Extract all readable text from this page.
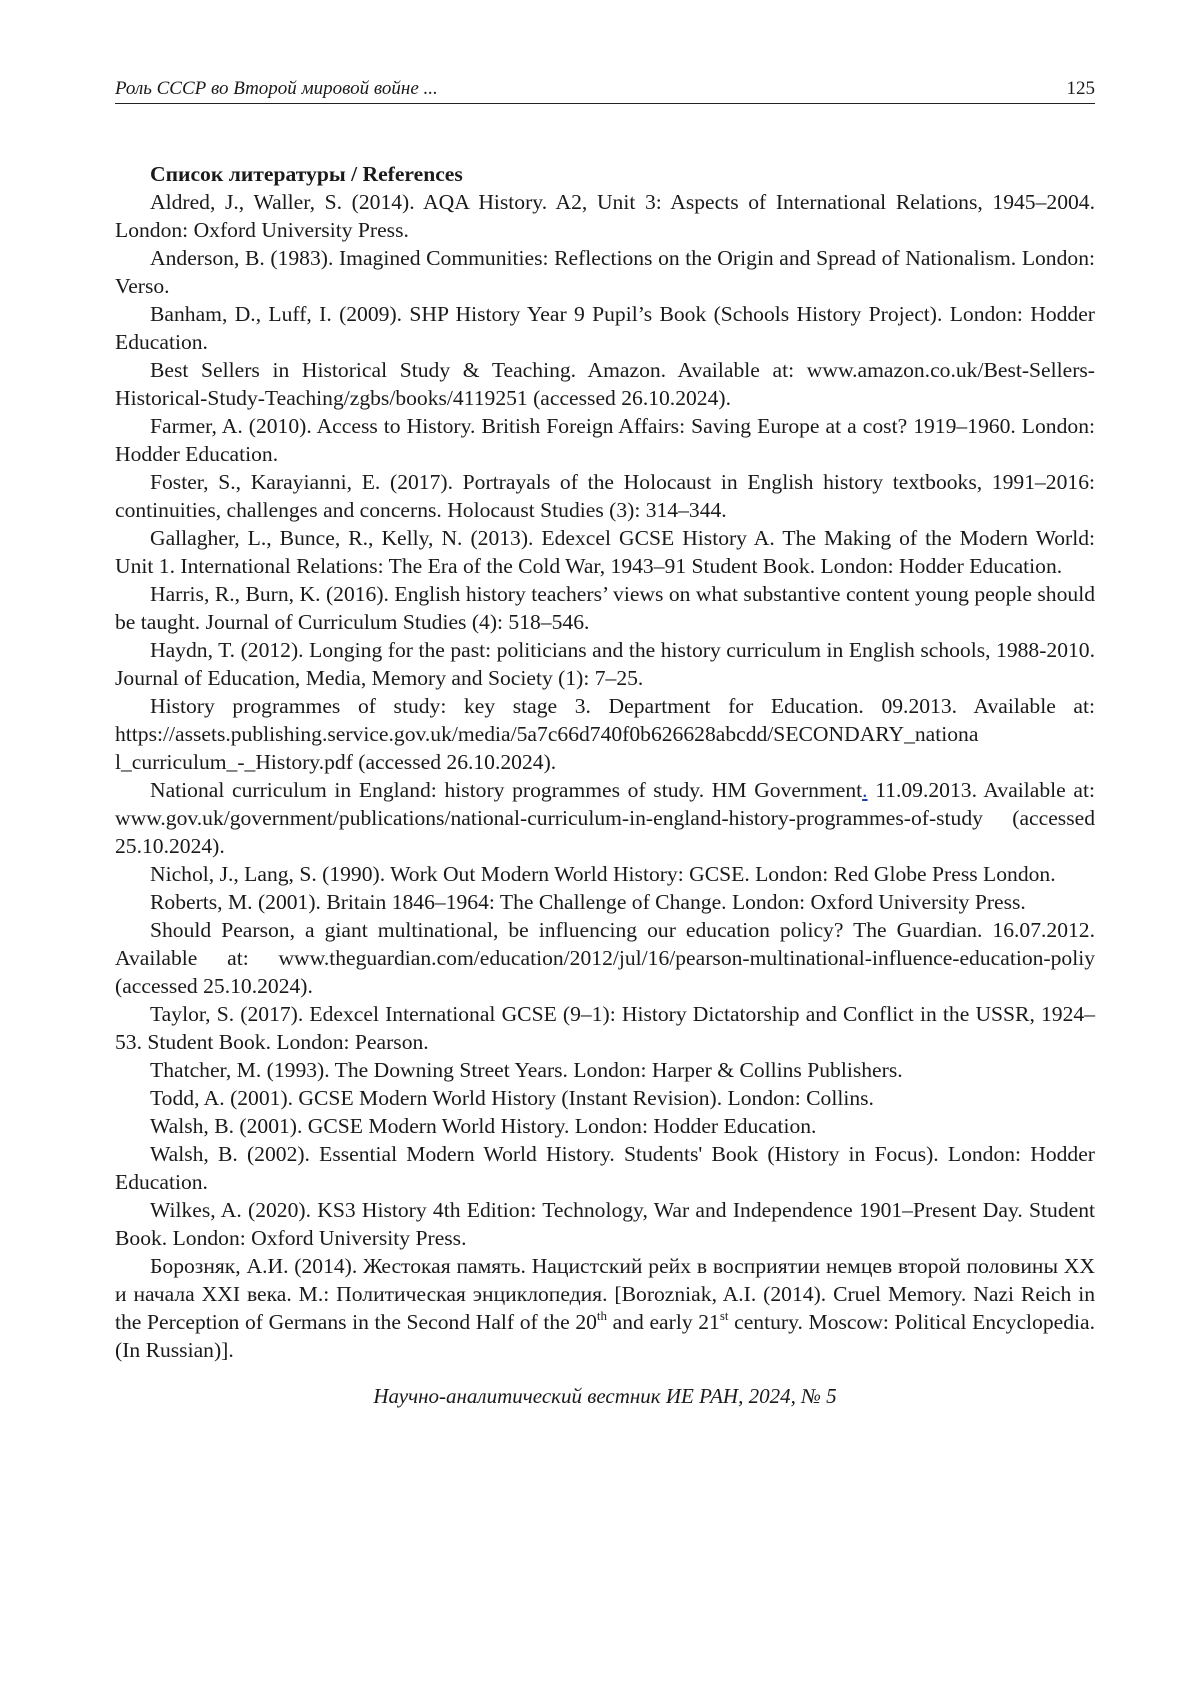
Роль СССР во Второй мировой войне ...	125

Список литературы / References

Aldred, J., Waller, S. (2014). AQA History. A2, Unit 3: Aspects of International Relations, 1945–2004. London: Oxford University Press.

Anderson, B. (1983). Imagined Communities: Reflections on the Origin and Spread of Nationalism. London: Verso.

Banham, D., Luff, I. (2009). SHP History Year 9 Pupil’s Book (Schools History Project). London: Hodder Education.

Best Sellers in Historical Study & Teaching. Amazon. Available at: www.amazon.co.uk/Best-Sellers-Historical-Study-Teaching/zgbs/books/4119251 (accessed 26.10.2024).

Farmer, A. (2010). Access to History. British Foreign Affairs: Saving Europe at a cost? 1919–1960. London: Hodder Education.

Foster, S., Karayianni, E. (2017). Portrayals of the Holocaust in English history textbooks, 1991–2016: continuities, challenges and concerns. Holocaust Studies (3): 314–344.

Gallagher, L., Bunce, R., Kelly, N. (2013). Edexcel GCSE History A. The Making of the Modern World: Unit 1. International Relations: The Era of the Cold War, 1943–91 Student Book. London: Hodder Education.

Harris, R., Burn, K. (2016). English history teachers’ views on what substantive content young people should be taught. Journal of Curriculum Studies (4): 518–546.

Haydn, T. (2012). Longing for the past: politicians and the history curriculum in English schools, 1988-2010. Journal of Education, Media, Memory and Society (1): 7–25.

History programmes of study: key stage 3. Department for Education. 09.2013. Available at: https://assets.publishing.service.gov.uk/media/5a7c66d740f0b626628abcdd/SECONDARY_nationa l_curriculum_-_History.pdf (accessed 26.10.2024).

National curriculum in England: history programmes of study. HM Government. 11.09.2013. Available at: www.gov.uk/government/publications/national-curriculum-in-england-history-programmes-of-study (accessed 25.10.2024).

Nichol, J., Lang, S. (1990). Work Out Modern World History: GCSE. London: Red Globe Press London.

Roberts, M. (2001). Britain 1846–1964: The Challenge of Change. London: Oxford University Press.

Should Pearson, a giant multinational, be influencing our education policy? The Guardian. 16.07.2012. Available at: www.theguardian.com/education/2012/jul/16/pearson-multinational-influence-education-poliy (accessed 25.10.2024).

Taylor, S. (2017). Edexcel International GCSE (9–1): History Dictatorship and Conflict in the USSR, 1924–53. Student Book. London: Pearson.

Thatcher, M. (1993). The Downing Street Years. London: Harper & Collins Publishers.

Todd, A. (2001). GCSE Modern World History (Instant Revision). London: Collins.

Walsh, B. (2001). GCSE Modern World History. London: Hodder Education.

Walsh, B. (2002). Essential Modern World History. Students' Book (History in Focus). London: Hodder Education.

Wilkes, A. (2020). KS3 History 4th Edition: Technology, War and Independence 1901–Present Day. Student Book. London: Oxford University Press.

Борозняк, А.И. (2014). Жестокая память. Нацистский рейх в восприятии немцев второй половины XX и начала XXI века. М.: Политическая энциклопедия. [Borozniak, A.I. (2014). Cruel Memory. Nazi Reich in the Perception of Germans in the Second Half of the 20th and early 21st century. Moscow: Political Encyclopedia. (In Russian)].

Научно-аналитический вестник ИЕ РАН, 2024, № 5
